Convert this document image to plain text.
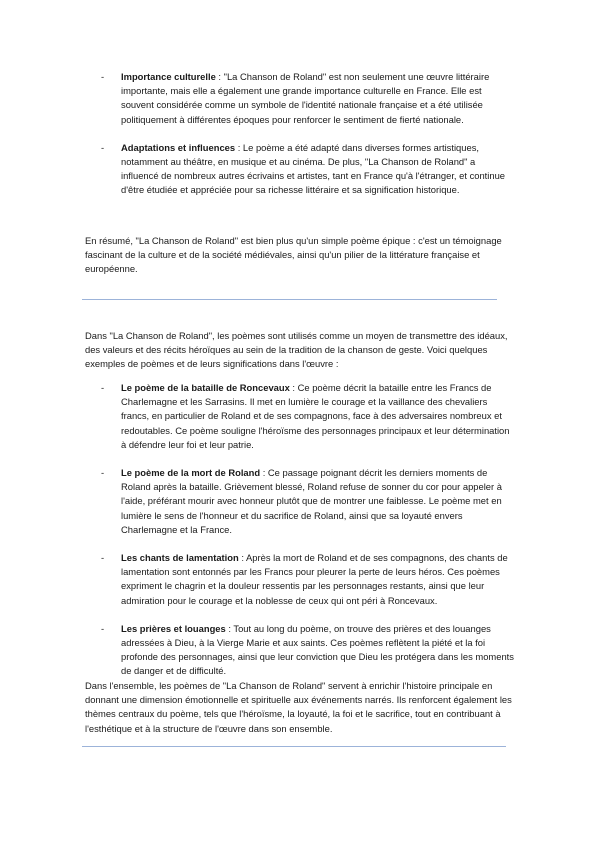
- Importance culturelle : "La Chanson de Roland" est non seulement une œuvre littéraire importante, mais elle a également une grande importance culturelle en France. Elle est souvent considérée comme un symbole de l'identité nationale française et a été utilisée politiquement à différentes époques pour renforcer le sentiment de fierté nationale.
- Adaptations et influences : Le poème a été adapté dans diverses formes artistiques, notamment au théâtre, en musique et au cinéma. De plus, "La Chanson de Roland" a influencé de nombreux autres écrivains et artistes, tant en France qu'à l'étranger, et continue d'être étudiée et appréciée pour sa richesse littéraire et sa signification historique.

En résumé, "La Chanson de Roland" est bien plus qu'un simple poème épique : c'est un témoignage fascinant de la culture et de la société médiévales, ainsi qu'un pilier de la littérature française et européenne.

Dans "La Chanson de Roland", les poèmes sont utilisés comme un moyen de transmettre des idéaux, des valeurs et des récits héroïques au sein de la tradition de la chanson de geste. Voici quelques exemples de poèmes et de leurs significations dans l'œuvre :

- Le poème de la bataille de Roncevaux : Ce poème décrit la bataille entre les Francs de Charlemagne et les Sarrasins. Il met en lumière le courage et la vaillance des chevaliers francs, en particulier de Roland et de ses compagnons, face à des adversaires nombreux et redoutables. Ce poème souligne l'héroïsme des personnages principaux et leur détermination à défendre leur foi et leur patrie.
- Le poème de la mort de Roland : Ce passage poignant décrit les derniers moments de Roland après la bataille. Grièvement blessé, Roland refuse de sonner du cor pour appeler à l'aide, préférant mourir avec honneur plutôt que de montrer une faiblesse. Le poème met en lumière le sens de l'honneur et du sacrifice de Roland, ainsi que sa loyauté envers Charlemagne et la France.
- Les chants de lamentation : Après la mort de Roland et de ses compagnons, des chants de lamentation sont entonnés par les Francs pour pleurer la perte de leurs héros. Ces poèmes expriment le chagrin et la douleur ressentis par les personnages restants, ainsi que leur admiration pour le courage et la noblesse de ceux qui ont péri à Roncevaux.
- Les prières et louanges : Tout au long du poème, on trouve des prières et des louanges adressées à Dieu, à la Vierge Marie et aux saints. Ces poèmes reflètent la piété et la foi profonde des personnages, ainsi que leur conviction que Dieu les protégera dans les moments de danger et de difficulté.

Dans l'ensemble, les poèmes de "La Chanson de Roland" servent à enrichir l'histoire principale en donnant une dimension émotionnelle et spirituelle aux événements narrés. Ils renforcent également les thèmes centraux du poème, tels que l'héroïsme, la loyauté, la foi et le sacrifice, tout en contribuant à l'esthétique et à la structure de l'œuvre dans son ensemble.
